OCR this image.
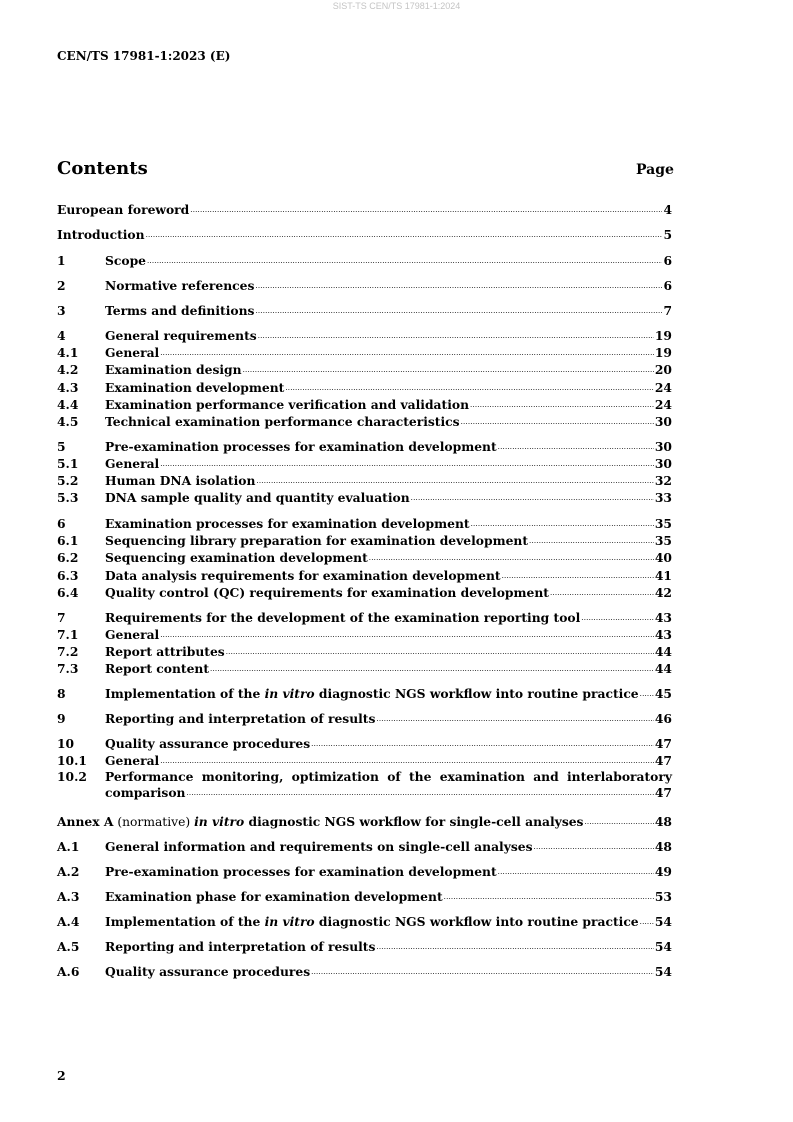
SIST-TS CEN/TS 17981-1:2024
CEN/TS 17981-1:2023 (E)
Contents	Page
European foreword .....	4
Introduction .....	5
1	Scope .....	6
2	Normative references .....	6
3	Terms and definitions .....	7
4	General requirements .....	19
4.1	General .....	19
4.2	Examination design .....	20
4.3	Examination development .....	24
4.4	Examination performance verification and validation .....	24
4.5	Technical examination performance characteristics .....	30
5	Pre-examination processes for examination development .....	30
5.1	General .....	30
5.2	Human DNA isolation .....	32
5.3	DNA sample quality and quantity evaluation .....	33
6	Examination processes for examination development .....	35
6.1	Sequencing library preparation for examination development .....	35
6.2	Sequencing examination development .....	40
6.3	Data analysis requirements for examination development .....	41
6.4	Quality control (QC) requirements for examination development .....	42
7	Requirements for the development of the examination reporting tool .....	43
7.1	General .....	43
7.2	Report attributes .....	44
7.3	Report content .....	44
8	Implementation of the in vitro diagnostic NGS workflow into routine practice ..... 45
9	Reporting and interpretation of results .....	46
10	Quality assurance procedures .....	47
10.1	General .....	47
10.2	Performance monitoring, optimization of the examination and interlaboratory
comparison .....	47
Annex A (normative) in vitro diagnostic NGS workflow for single-cell analyses .....	48
A.1	General information and requirements on single-cell analyses .....	48
A.2	Pre-examination processes for examination development .....	49
A.3	Examination phase for examination development .....	53
A.4	Implementation of the in vitro diagnostic NGS workflow into routine practice ..... 54
A.5	Reporting and interpretation of results .....	54
A.6	Quality assurance procedures .....	54
2
